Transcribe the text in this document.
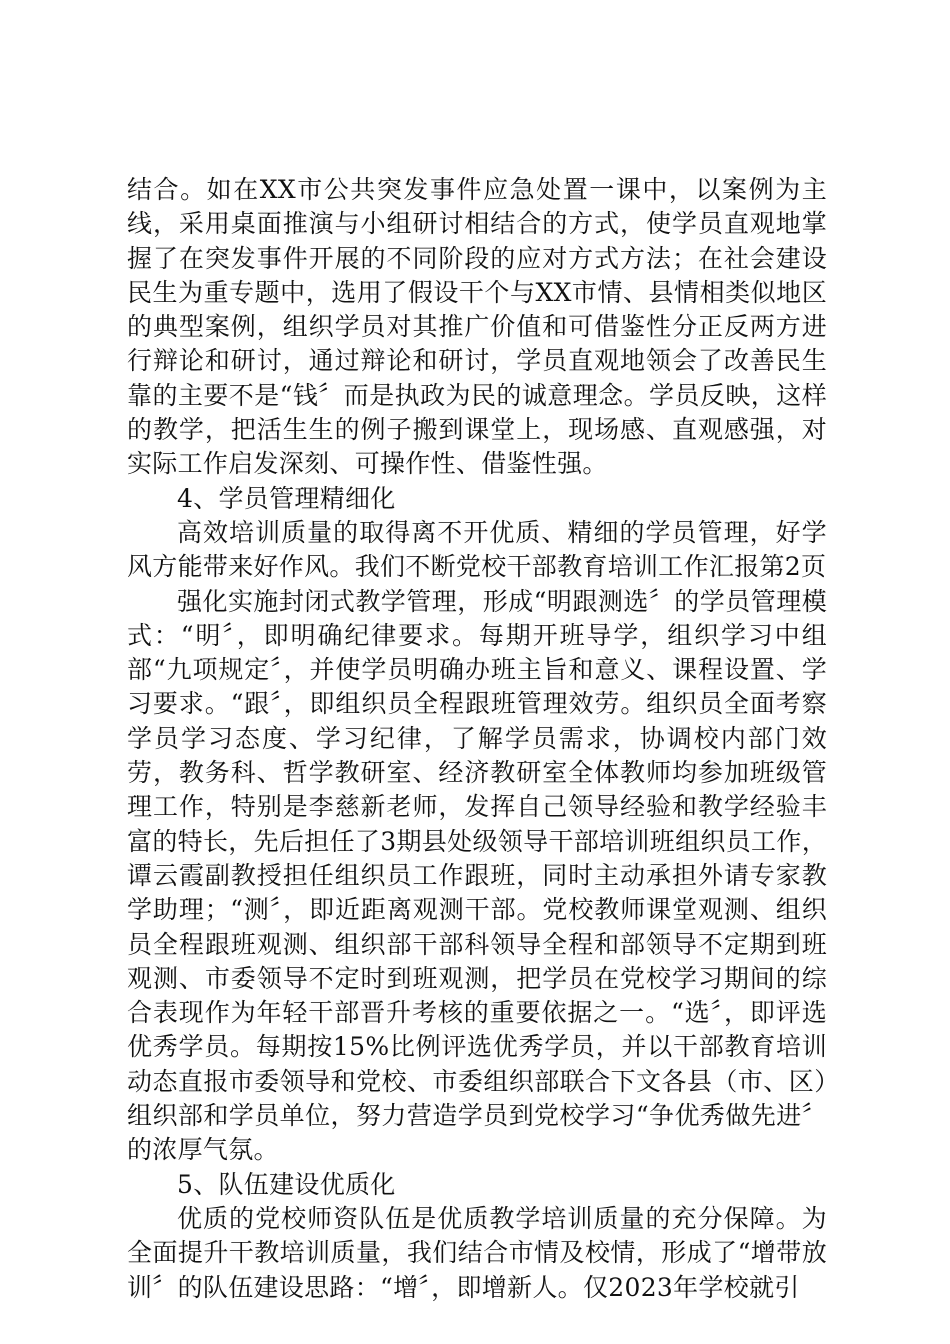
结合。如在XX市公共突发事件应急处置一课中，以案例为主线，采用桌面推演与小组研讨相结合的方式，使学员直观地掌握了在突发事件开展的不同阶段的应对方式方法；在社会建设民生为重专题中，选用了假设干个与XX市情、县情相类似地区的典型案例，组织学员对其推广价值和可借鉴性分正反两方进行辩论和研讨，通过辩论和研讨，学员直观地领会了改善民生靠的主要不是“钱〞而是执政为民的诚意理念。学员反映，这样的教学，把活生生的例子搬到课堂上，现场感、直观感强，对实际工作启发深刻、可操作性、借鉴性强。

4、学员管理精细化

高效培训质量的取得离不开优质、精细的学员管理，好学风方能带来好作风。我们不断党校干部教育培训工作汇报第2页

强化实施封闭式教学管理，形成“明跟测选〞的学员管理模式：“明〞，即明确纪律要求。每期开班导学，组织学习中组部“九项规定〞，并使学员明确办班主旨和意义、课程设置、学习要求。“跟〞，即组织员全程跟班管理效劳。组织员全面考察学员学习态度、学习纪律，了解学员需求，协调校内部门效劳，教务科、哲学教研室、经济教研室全体教师均参加班级管理工作，特别是李慈新老师，发挥自己领导经验和教学经验丰富的特长，先后担任了3期县处级领导干部培训班组织员工作，谭云霞副教授担任组织员工作跟班，同时主动承担外请专家教学助理；“测〞，即近距离观测干部。党校教师课堂观测、组织员全程跟班观测、组织部干部科领导全程和部领导不定期到班观测、市委领导不定时到班观测，把学员在党校学习期间的综合表现作为年轻干部晋升考核的重要依据之一。“选〞，即评选优秀学员。每期按15%比例评选优秀学员，并以干部教育培训动态直报市委领导和党校、市委组织部联合下文各县（市、区）组织部和学员单位，努力营造学员到党校学习“争优秀做先进〞的浓厚气氛。

5、队伍建设优质化

优质的党校师资队伍是优质教学培训质量的充分保障。为全面提升干教培训质量，我们结合市情及校情，形成了“增带放训〞的队伍建设思路：“增〞，即增新人。仅2023年学校就引
